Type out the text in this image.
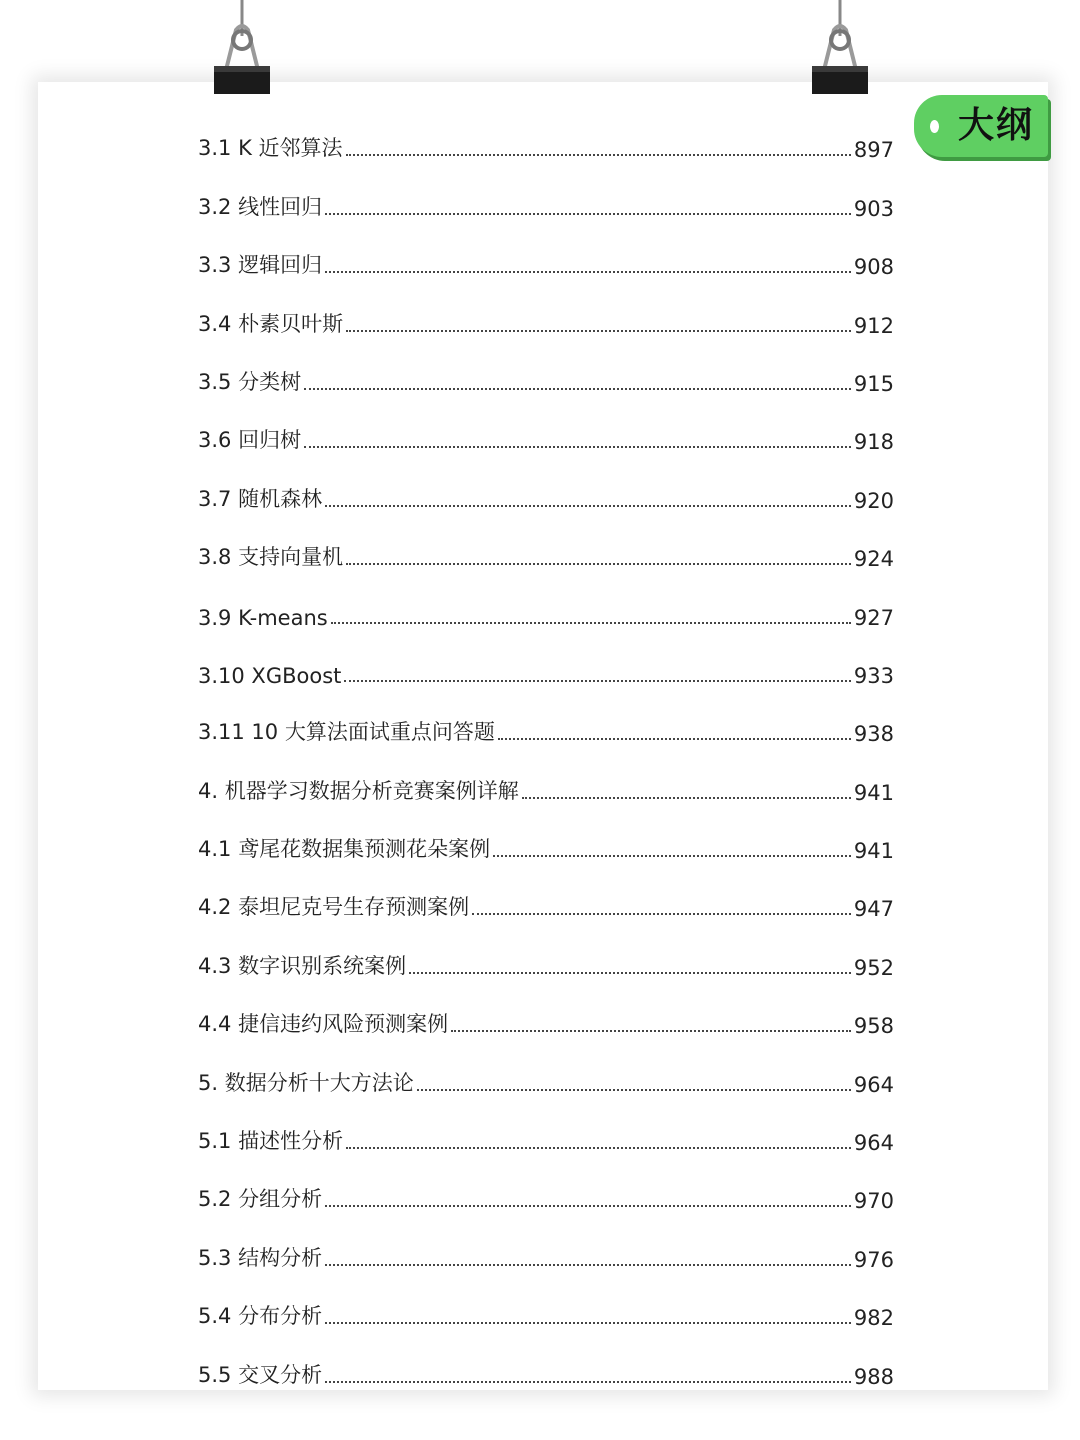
大纲
3.1 K 近邻算法	897
3.2 线性回归	903
3.3 逻辑回归	908
3.4 朴素贝叶斯	912
3.5 分类树	915
3.6 回归树	918
3.7 随机森林	920
3.8 支持向量机	924
3.9 K-means	927
3.10 XGBoost	933
3.11 10 大算法面试重点问答题	938
4. 机器学习数据分析竞赛案例详解	941
4.1 鸢尾花数据集预测花朵案例	941
4.2 泰坦尼克号生存预测案例	947
4.3 数字识别系统案例	952
4.4 捷信违约风险预测案例	958
5. 数据分析十大方法论	964
5.1 描述性分析	964
5.2 分组分析	970
5.3 结构分析	976
5.4 分布分析	982
5.5 交叉分析	988
